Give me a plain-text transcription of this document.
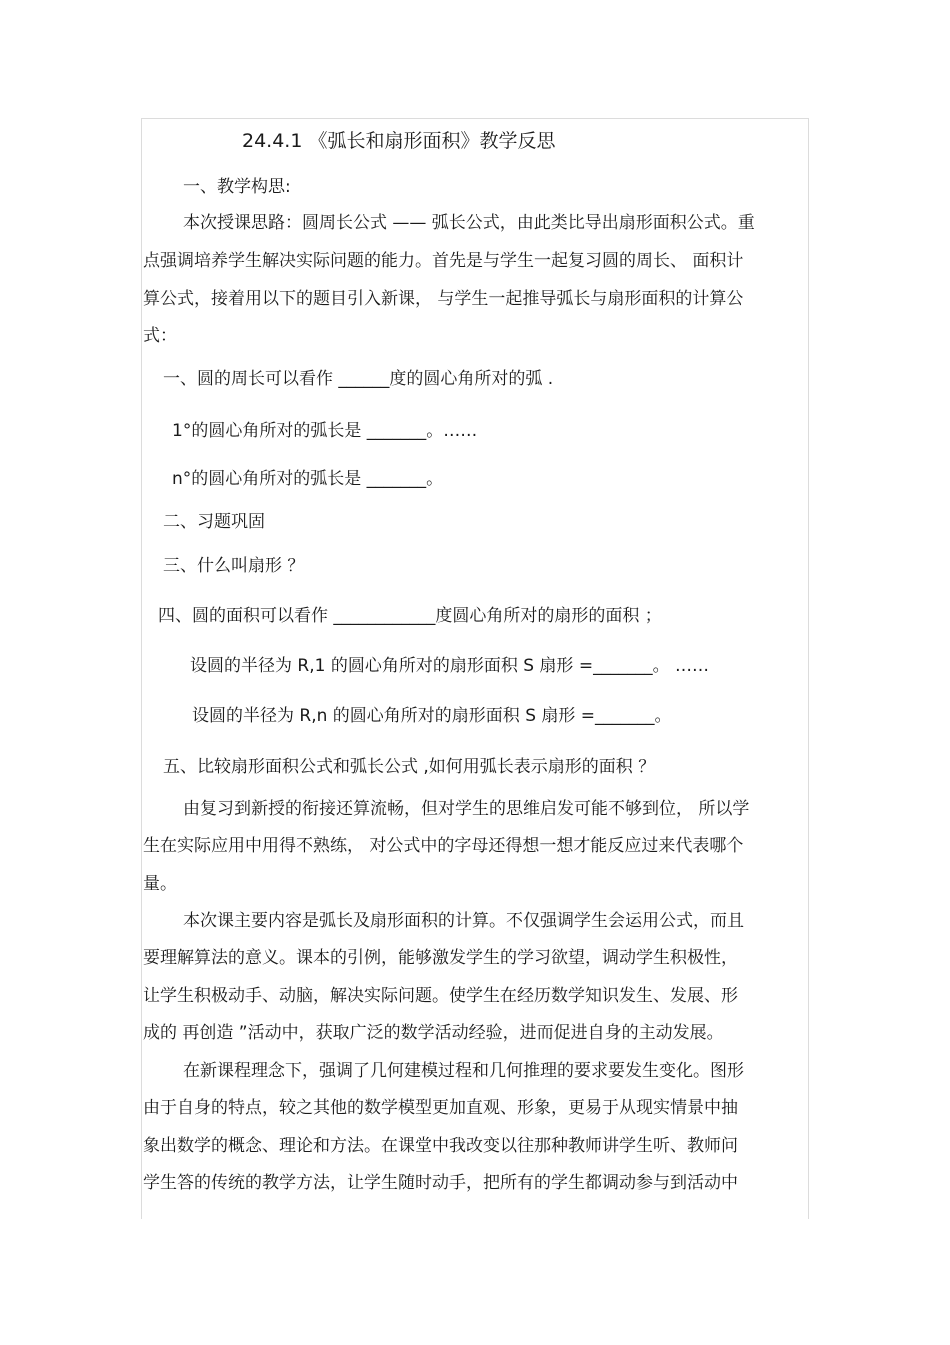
24.4.1 《弧长和扇形面积》教学反思
一、教学构思:
本次授课思路：圆周长公式 —— 弧长公式，由此类比导出扇形面积公式。重
点强调培养学生解决实际问题的能力。首先是与学生一起复习圆的周长、 面积计
算公式，接着用以下的题目引入新课， 与学生一起推导弧长与扇形面积的计算公
式：
一、圆的周长可以看作 ______度的圆心角所对的弧 .
1°的圆心角所对的弧长是 _______。……
n°的圆心角所对的弧长是 _______。
二、习题巩固
三、什么叫扇形 ？
四、圆的面积可以看作 ____________度圆心角所对的扇形的面积 ；
设圆的半径为 R,1 的圆心角所对的扇形面积 S 扇形 =_______。 ……
设圆的半径为 R,n 的圆心角所对的扇形面积 S 扇形 =_______。
五、比较扇形面积公式和弧长公式 ,如何用弧长表示扇形的面积 ？
由复习到新授的衔接还算流畅，但对学生的思维启发可能不够到位， 所以学
生在实际应用中用得不熟练， 对公式中的字母还得想一想才能反应过来代表哪个
量。
本次课主要内容是弧长及扇形面积的计算。不仅强调学生会运用公式，而且
要理解算法的意义。课本的引例，能够激发学生的学习欲望，调动学生积极性，
让学生积极动手、动脑，解决实际问题。使学生在经历数学知识发生、发展、形
成的 再创造 ”活动中，获取广泛的数学活动经验，进而促进自身的主动发展。
在新课程理念下，强调了几何建模过程和几何推理的要求要发生变化。图形
由于自身的特点，较之其他的数学模型更加直观、形象，更易于从现实情景中抽
象出数学的概念、理论和方法。在课堂中我改变以往那种教师讲学生听、教师问
学生答的传统的教学方法，让学生随时动手，把所有的学生都调动参与到活动中
